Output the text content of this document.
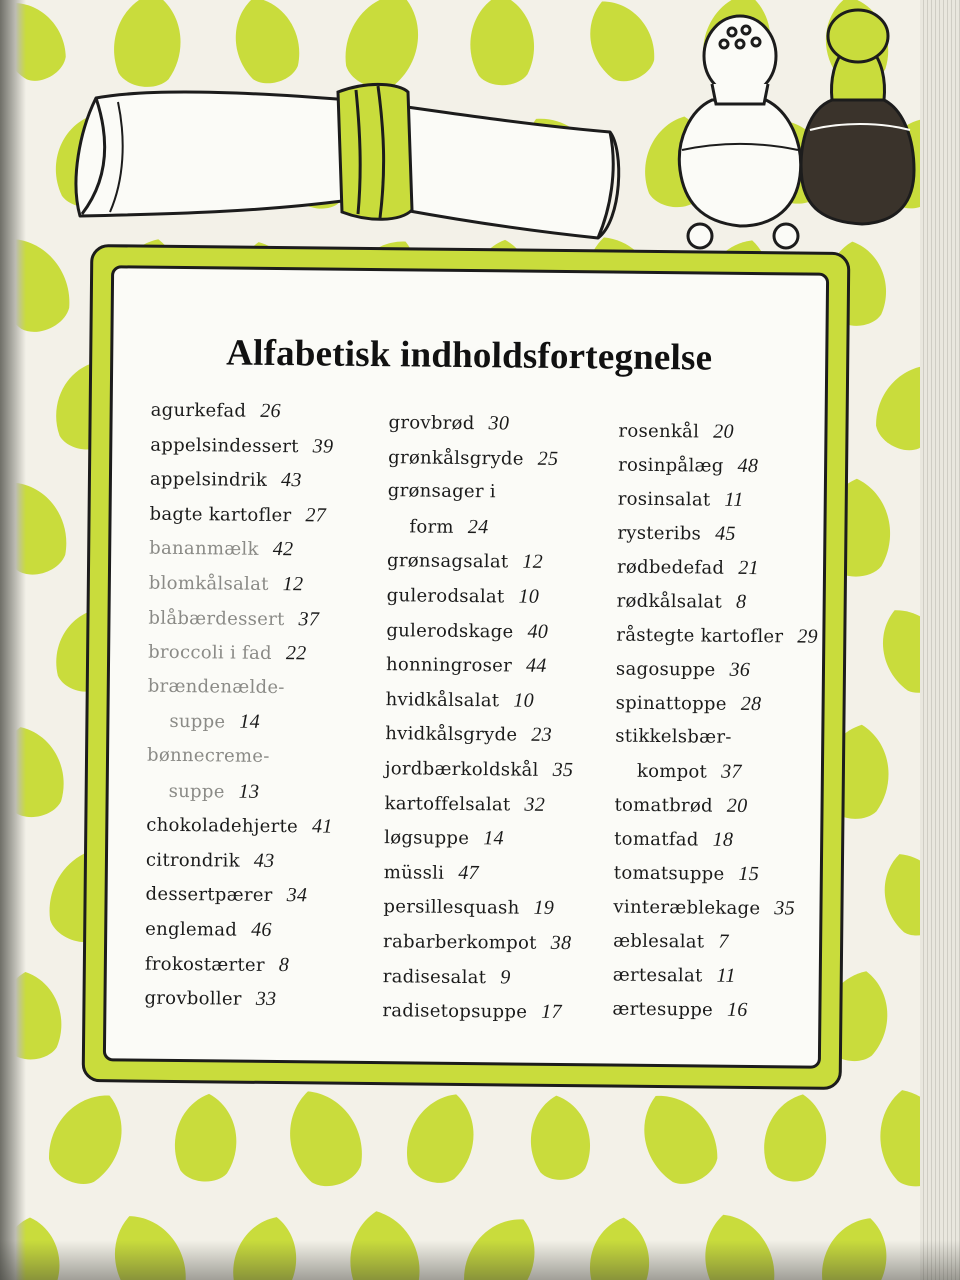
Alfabetisk indholdsfortegnelse
agurkefad 26
appelsindessert 39
appelsindrik 43
bagte kartofler 27
bananmælk 42
blomkålsalat 12
blåbærdessert 37
broccoli i fad 22
brændenælde-
suppe 14
bønnecreme-
suppe 13
chokoladehjerte 41
citrondrik 43
dessertpærer 34
englemad 46
frokostærter 8
grovboller 33
grovbrød 30
grønkålsgryde 25
grønsager i
form 24
grønsagsalat 12
gulerodsalat 10
gulerodskage 40
honningroser 44
hvidkålsalat 10
hvidkålsgryde 23
jordbærkoldskål 35
kartoffelsalat 32
løgsuppe 14
müssli 47
persillesquash 19
rabarberkompot 38
radisesalat 9
radisetopsuppe 17
rosenkål 20
rosinpålæg 48
rosinsalat 11
rysteribs 45
rødbedefad 21
rødkålsalat 8
råstegte kartofler 29
sagosuppe 36
spinattoppe 28
stikkelsbær-
kompot 37
tomatbrød 20
tomatfad 18
tomatsuppe 15
vinteræblekage 35
æblesalat 7
ærtesalat 11
ærtesuppe 16
